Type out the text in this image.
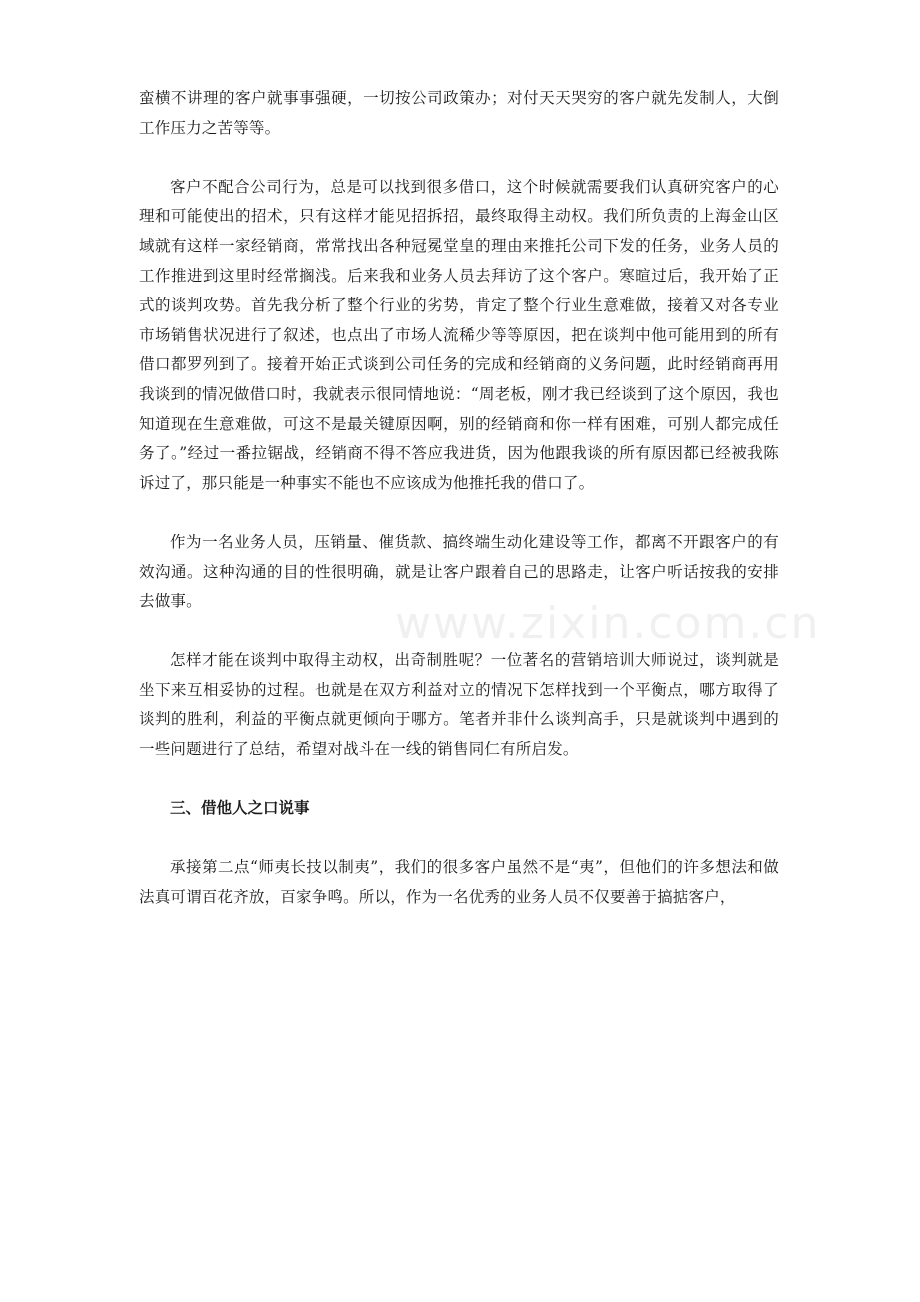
蛮横不讲理的客户就事事强硬，一切按公司政策办；对付天天哭穷的客户就先发制人，大倒工作压力之苦等等。

客户不配合公司行为，总是可以找到很多借口，这个时候就需要我们认真研究客户的心理和可能使出的招术，只有这样才能见招拆招，最终取得主动权。我们所负责的上海金山区域就有这样一家经销商，常常找出各种冠冕堂皇的理由来推托公司下发的任务，业务人员的工作推进到这里时经常搁浅。后来我和业务人员去拜访了这个客户。寒暄过后，我开始了正式的谈判攻势。首先我分析了整个行业的劣势，肯定了整个行业生意难做，接着又对各专业市场销售状况进行了叙述，也点出了市场人流稀少等等原因，把在谈判中他可能用到的所有借口都罗列到了。接着开始正式谈到公司任务的完成和经销商的义务问题，此时经销商再用我谈到的情况做借口时，我就表示很同情地说：“周老板，刚才我已经谈到了这个原因，我也知道现在生意难做，可这不是最关键原因啊，别的经销商和你一样有困难，可别人都完成任务了。”经过一番拉锯战，经销商不得不答应我进货，因为他跟我谈的所有原因都已经被我陈诉过了，那只能是一种事实不能也不应该成为他推托我的借口了。

作为一名业务人员，压销量、催货款、搞终端生动化建设等工作，都离不开跟客户的有效沟通。这种沟通的目的性很明确，就是让客户跟着自己的思路走，让客户听话按我的安排去做事。

怎样才能在谈判中取得主动权，出奇制胜呢？一位著名的营销培训大师说过，谈判就是坐下来互相妥协的过程。也就是在双方利益对立的情况下怎样找到一个平衡点，哪方取得了谈判的胜利，利益的平衡点就更倾向于哪方。笔者并非什么谈判高手，只是就谈判中遇到的一些问题进行了总结，希望对战斗在一线的销售同仁有所启发。

三、借他人之口说事

承接第二点“师夷长技以制夷”，我们的很多客户虽然不是“夷”，但他们的许多想法和做法真可谓百花齐放，百家争鸣。所以，作为一名优秀的业务人员不仅要善于搞掂客户，

www.zixin.com.cn
